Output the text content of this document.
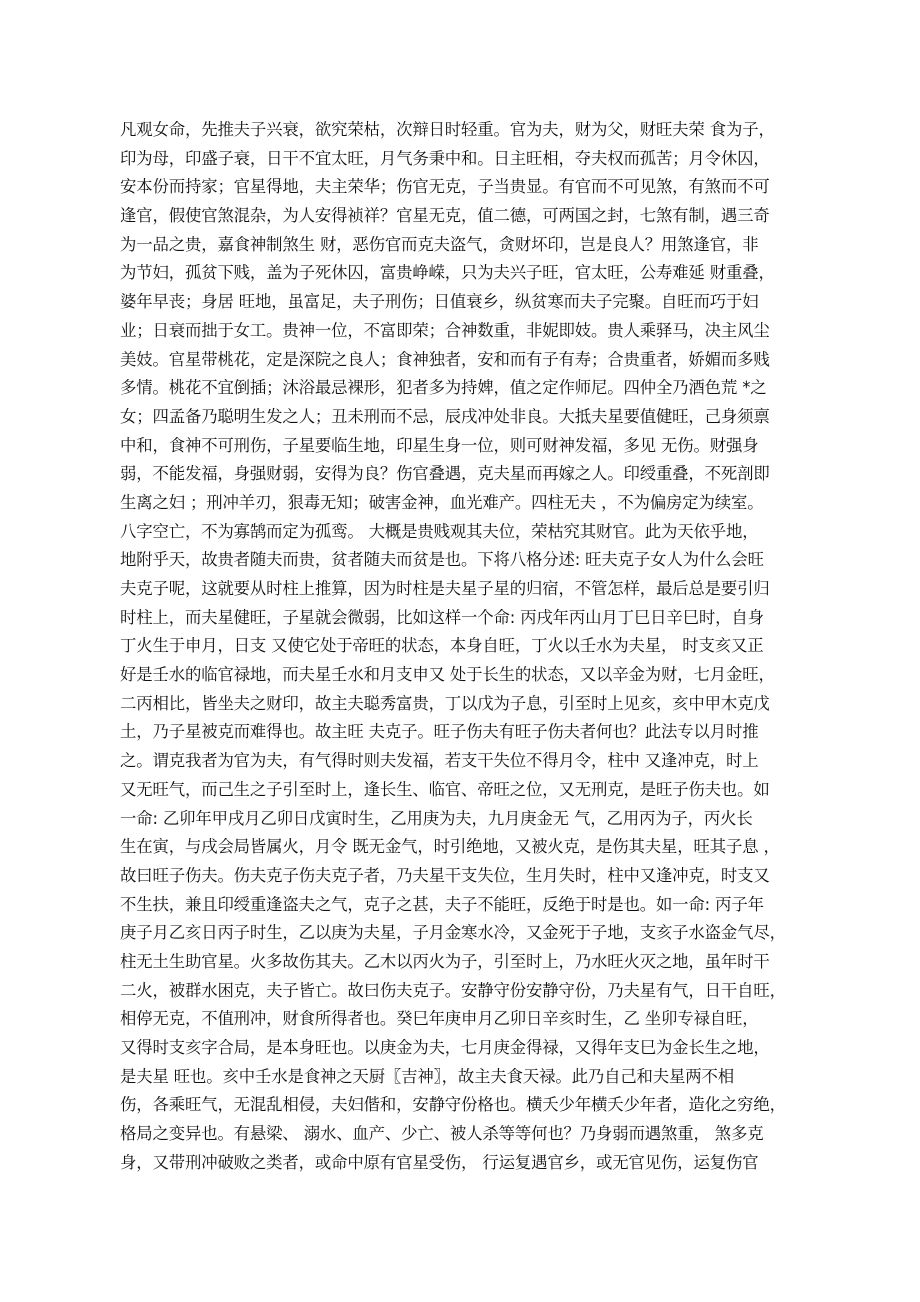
凡观女命，先推夫子兴衰，欲究荣枯，次辩日时轻重。官为夫，财为父，财旺夫荣 食为子，
印为母，印盛子衰，日干不宜太旺，月气务秉中和。日主旺相，夺夫权而孤苦；月令休囚，
安本份而持家；官星得地，夫主荣华；伤官无克，子当贵显。有官而不可见煞，有煞而不可
逢官，假使官煞混杂，为人安得祯祥？官星无克，值二德，可两国之封，七煞有制，遇三奇
为一品之贵，嘉食神制煞生 财，恶伤官而克夫盗气，贪财坏印，岂是良人？用煞逢官，非
为节妇，孤贫下贱，盖为子死休囚，富贵峥嵘，只为夫兴子旺，官太旺，公寿难延 财重叠，
婆年早丧；身居 旺地，虽富足，夫子刑伤；日值衰乡，纵贫寒而夫子完聚。自旺而巧于妇
业；日衰而拙于女工。贵神一位，不富即荣；合神数重，非妮即妓。贵人乘驿马，决主风尘
美妓。官星带桃花，定是深院之良人；食神独者，安和而有子有寿；合贵重者，娇媚而多贱
多情。桃花不宜倒插；沐浴最忌裸形，犯者多为持婢，值之定作师尼。四仲全乃酒色荒 *之
女；四孟备乃聪明生发之人；丑未刑而不忌，辰戌冲处非良。大抵夫星要值健旺，己身须禀
中和，食神不可刑伤，子星要临生地，印星生身一位，则可财神发福，多见 无伤。财强身
弱，不能发福，身强财弱，安得为良？伤官叠遇，克夫星而再嫁之人。印绶重叠，不死剖即
生离之妇 ；刑冲羊刃，狠毒无知；破害金神，血光难产。四柱无夫 ，不为偏房定为续室。
八字空亡，不为寡鹄而定为孤鸾。 大概是贵贱观其夫位，荣枯究其财官。此为天依乎地，
地附乎天，故贵者随夫而贵，贫者随夫而贫是也。下将八格分述: 旺夫克子女人为什么会旺
夫克子呢，这就要从时柱上推算，因为时柱是夫星子星的归宿，不管怎样，最后总是要引归
时柱上，而夫星健旺，子星就会微弱，比如这样一个命: 丙戌年丙山月丁巳日辛巳时，自身
丁火生于申月，日支 又使它处于帝旺的状态，本身自旺，丁火以壬水为夫星， 时支亥又正
好是壬水的临官禄地，而夫星壬水和月支申又 处于长生的状态，又以辛金为财，七月金旺，
二丙相比，皆坐夫之财印，故主夫聪秀富贵，丁以戊为子息，引至时上见亥，亥中甲木克戊
土，乃子星被克而难得也。故主旺 夫克子。旺子伤夫有旺子伤夫者何也？此法专以月时推
之。谓克我者为官为夫，有气得时则夫发福，若支干失位不得月令，柱中 又逢冲克，时上
又无旺气，而己生之子引至时上，逢长生、临官、帝旺之位，又无刑克，是旺子伤夫也。如
一命: 乙卯年甲戌月乙卯日戊寅时生，乙用庚为夫，九月庚金无 气，乙用丙为子，丙火长
生在寅，与戌会局皆属火，月令 既无金气，时引绝地，又被火克，是伤其夫星，旺其子息 ，
故曰旺子伤夫。伤夫克子伤夫克子者，乃夫星干支失位，生月失时，柱中又逢冲克，时支又
不生扶，兼且印绶重逢盗夫之气，克子之甚，夫子不能旺，反绝于时是也。如一命: 丙子年
庚子月乙亥日丙子时生，乙以庚为夫星，子月金寒水冷，又金死于子地，支亥子水盗金气尽，
柱无土生助官星。火多故伤其夫。乙木以丙火为子，引至时上，乃水旺火灭之地，虽年时干
二火，被群水困克，夫子皆亡。故曰伤夫克子。安静守份安静守份，乃夫星有气，日干自旺，
相停无克，不值刑冲，财食所得者也。癸巳年庚申月乙卯日辛亥时生，乙 坐卯专禄自旺，
又得时支亥字合局，是本身旺也。以庚金为夫，七月庚金得禄，又得年支巳为金长生之地，
是夫星 旺也。亥中壬水是食神之天厨〖吉神〗，故主夫食天禄。此乃自己和夫星两不相
伤，各乘旺气，无混乱相侵，夫妇偕和，安静守份格也。横夭少年横夭少年者，造化之穷绝，
格局之变异也。有悬梁、 溺水、血产、少亡、被人杀等等何也？乃身弱而遇煞重， 煞多克
身，又带刑冲破败之类者，或命中原有官星受伤， 行运复遇官乡，或无官见伤，运复伤官
